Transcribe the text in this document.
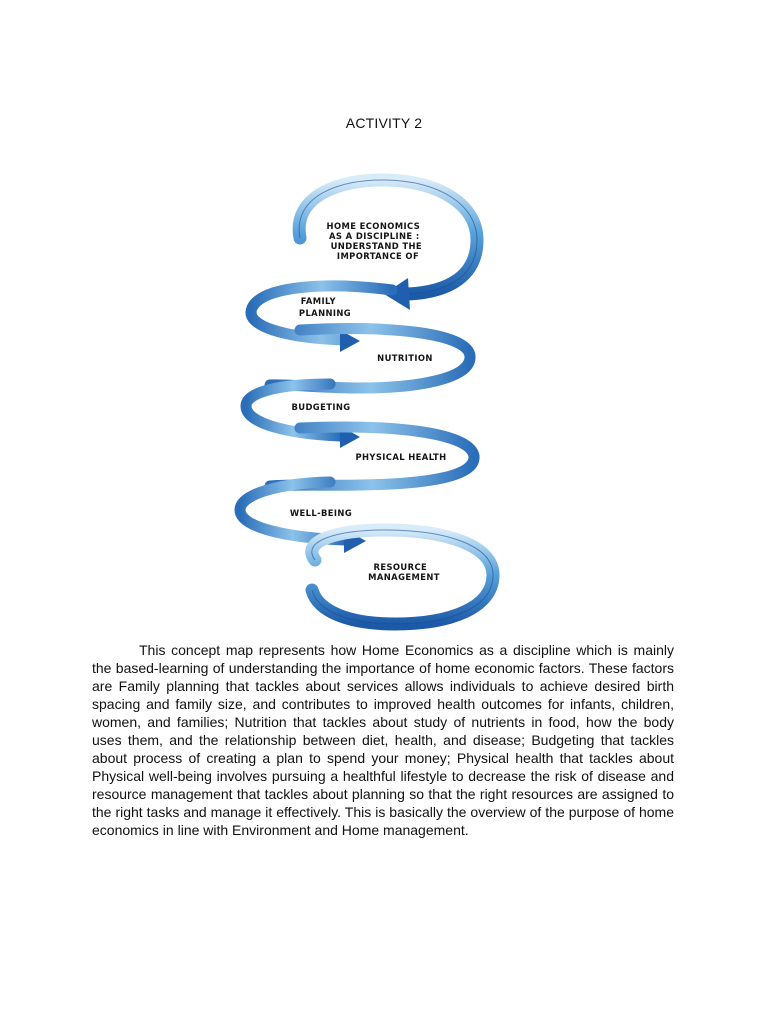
ACTIVITY 2
HOME ECONOMICS AS A DISCIPLINE : UNDERSTAND THE IMPORTANCE OF
FAMILY PLANNING
NUTRITION
BUDGETING
PHYSICAL HEALTH
WELL-BEING
RESOURCE MANAGEMENT

This concept map represents how Home Economics as a discipline which is mainly the based-learning of understanding the importance of home economic factors. These factors are Family planning that tackles about services allows individuals to achieve desired birth spacing and family size, and contributes to improved health outcomes for infants, children, women, and families; Nutrition that tackles about study of nutrients in food, how the body uses them, and the relationship between diet, health, and disease; Budgeting that tackles about process of creating a plan to spend your money; Physical health that tackles about Physical well-being involves pursuing a healthful lifestyle to decrease the risk of disease and resource management that tackles about planning so that the right resources are assigned to the right tasks and manage it effectively. This is basically the overview of the purpose of home economics in line with Environment and Home management.
